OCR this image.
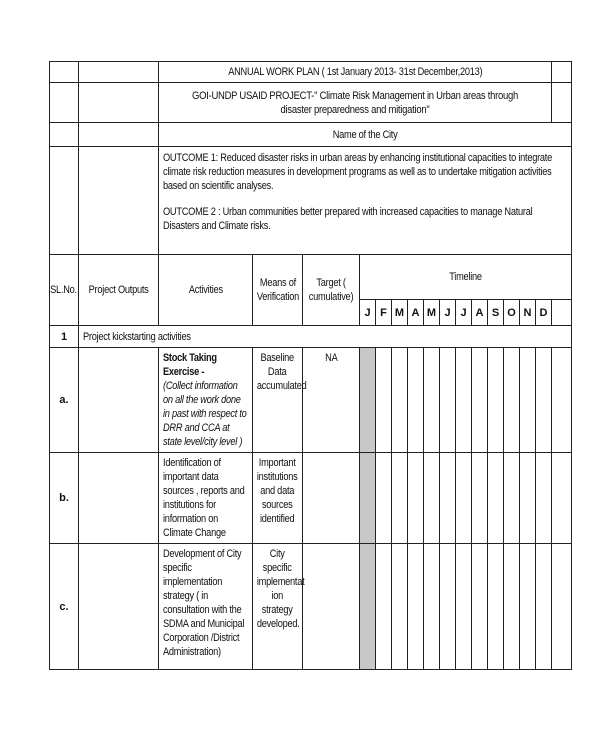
		ANNUAL WORK PLAN ( 1st January 2013- 31st December,2013)															
		GOI-UNDP USAID PROJECT-" Climate Risk Management in Urban areas through disaster preparedness and mitigation"															
		Name of the City															
		OUTCOME 1: Reduced disaster risks in urban areas by enhancing institutional capacities to integrate climate risk reduction measures in development programs as well as to undertake mitigation activities based on scientific analyses.
OUTCOME 2 : Urban communities better prepared with increased capacities to manage Natural Disasters and Climate risks.															
SL.No.	Project Outputs	Activities	Means of Verification	Target ( cumulative)	Timeline												
					J	F	M	A	M	J	J	A	S	O	N	D	
1	Project kickstarting activities																
a.		Stock Taking Exercise - (Collect information on all the work done in past with respect to DRR and CCA at state level/city level )	Baseline Data accumulated	NA													
b.		Identification of important data sources , reports and institutions for information on Climate Change	Important institutions and data sources identified														
c.		Development of City specific implementation strategy ( in consultation with the SDMA and Municipal Corporation /District Administration)	City specific implementat ion strategy developed.														
